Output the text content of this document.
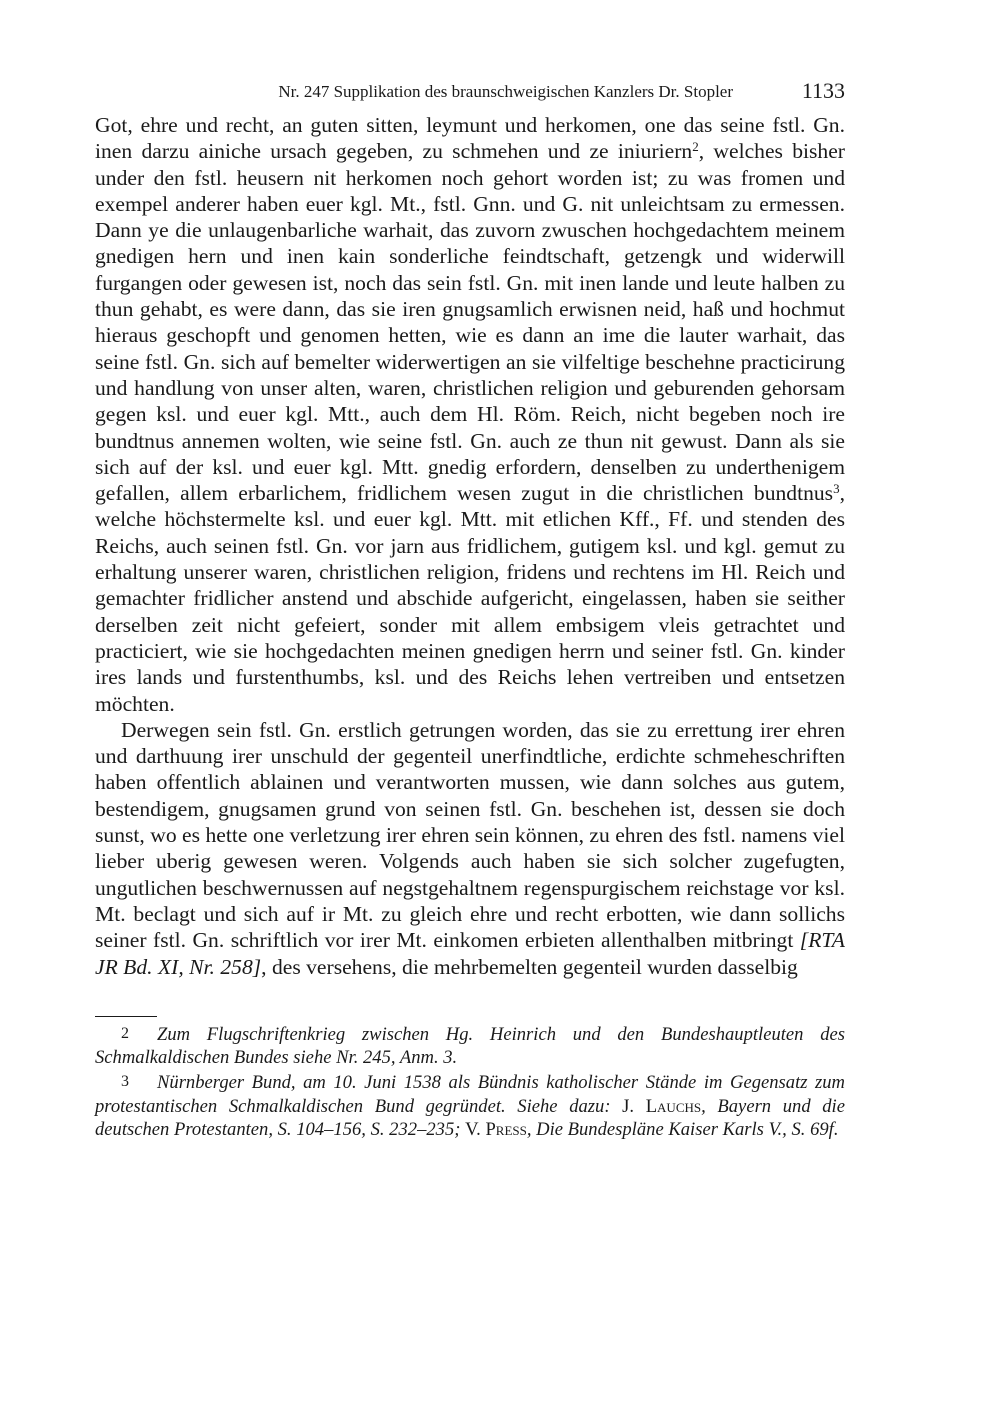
Nr. 247 Supplikation des braunschweigischen Kanzlers Dr. Stopler	1133

Got, ehre und recht, an guten sitten, leymunt und herkomen, one das seine fstl. Gn. inen darzu ainiche ursach gegeben, zu schmehen und ze iniuriern$^2$, welches bisher under den fstl. heusern nit herkomen noch gehort worden ist; zu was fromen und exempel anderer haben euer kgl. Mt., fstl. Gnn. und G. nit unleichtsam zu ermessen. Dann ye die unlaugenbarliche warhait, das zuvorn zwuschen hochgedachtem meinem gnedigen hern und inen kain sonderliche feindtschaft, getzengk und widerwill furgangen oder gewesen ist, noch das sein fstl. Gn. mit inen lande und leute halben zu thun gehabt, es were dann, das sie iren gnugsamlich erwisnen neid, haß und hochmut hieraus geschopft und genomen hetten, wie es dann an ime die lauter warhait, das seine fstl. Gn. sich auf bemelter widerwertigen an sie vilfeltige beschehne practicirung und handlung von unser alten, waren, christlichen religion und geburenden gehorsam gegen ksl. und euer kgl. Mtt., auch dem Hl. Röm. Reich, nicht begeben noch ire bundtnus annemen wolten, wie seine fstl. Gn. auch ze thun nit gewust. Dann als sie sich auf der ksl. und euer kgl. Mtt. gnedig erfordern, denselben zu underthenigem gefallen, allem erbarlichem, fridlichem wesen zugut in die christlichen bundtnus$^3$, welche höchstermelte ksl. und euer kgl. Mtt. mit etlichen Kff., Ff. und stenden des Reichs, auch seinen fstl. Gn. vor jarn aus fridlichem, gutigem ksl. und kgl. gemut zu erhaltung unserer waren, christlichen religion, fridens und rechtens im Hl. Reich und gemachter fridlicher anstend und abschide aufgericht, eingelassen, haben sie seither derselben zeit nicht gefeiert, sonder mit allem embsigem vleis getrachtet und practiciert, wie sie hochgedachten meinen gnedigen herrn und seiner fstl. Gn. kinder ires lands und furstenthumbs, ksl. und des Reichs lehen vertreiben und entsetzen möchten.

Derwegen sein fstl. Gn. erstlich getrungen worden, das sie zu errettung irer ehren und darthuung irer unschuld der gegenteil unerfindtliche, erdichte schmeheschriften haben offentlich ablainen und verantworten mussen, wie dann solches aus gutem, bestendigem, gnugsamen grund von seinen fstl. Gn. beschehen ist, dessen sie doch sunst, wo es hette one verletzung irer ehren sein können, zu ehren des fstl. namens viel lieber uberig gewesen weren. Volgends auch haben sie sich solcher zugefugten, ungutlichen beschwernussen auf negstgehaltnem regenspurgischem reichstage vor ksl. Mt. beclagt und sich auf ir Mt. zu gleich ehre und recht erbotten, wie dann sollichs seiner fstl. Gn. schriftlich vor irer Mt. einkomen erbieten allenthalben mitbringt [RTA JR Bd. XI, Nr. 258], des versehens, die mehrbemelten gegenteil wurden dasselbig

2 Zum Flugschriftenkrieg zwischen Hg. Heinrich und den Bundeshauptleuten des Schmalkaldischen Bundes siehe Nr. 245, Anm. 3.

3 Nürnberger Bund, am 10. Juni 1538 als Bündnis katholischer Stände im Gegensatz zum protestantischen Schmalkaldischen Bund gegründet. Siehe dazu: J. Lauchs, Bayern und die deutschen Protestanten, S. 104–156, S. 232–235; V. Press, Die Bundespläne Kaiser Karls V., S. 69f.
